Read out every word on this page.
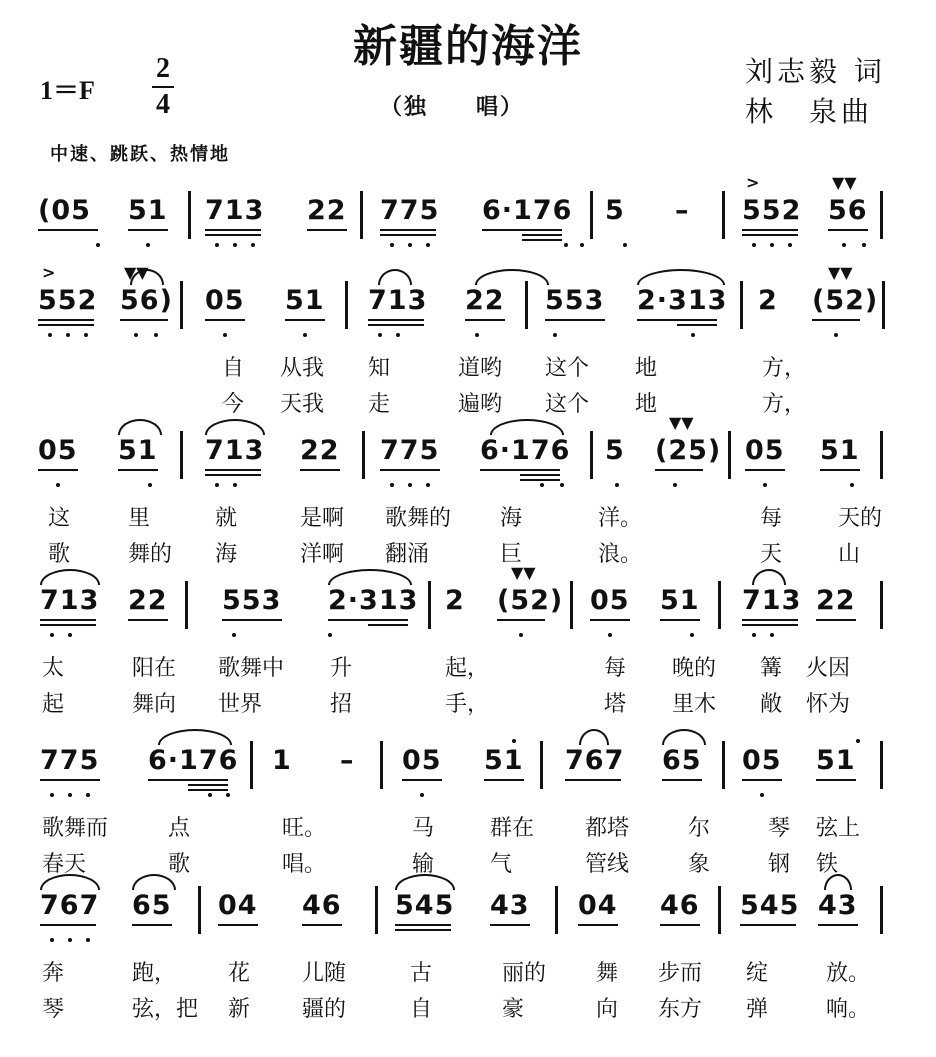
新疆的海洋
1＝F
2
4	（独　　唱）
刘志毅 词
林　泉曲
中速、跳跃、热情地
(05 51 713 22 775 6·176 5 – 552
>
56
▼▼
552
>
56)
▼▼
05 51 713 22 553 2·313 2 (52)
▼▼
自 从我 知	道哟 这个 地	方，
今 天我 走	遍哟 这个 地	方，
05 51 713 22 775 6·176 5 (25)
▼▼
05 51
这	里	就	是啊 歌舞的 海	洋。	每	天的
歌	舞的 海	洋啊 翻涌	巨	浪。	天	山
713 22 553 2·313 2 (52)
▼▼
05 51 713 22
太	阳在 歌舞中 升	起，	每 晚的 篝 火因
起	舞向 世界	招	手，	塔 里木 敞 怀为
775 6·176 1 – 05 51 767 65 05 51
歌舞而	点	旺。	马	群在 都塔	尔	琴 弦上
春天	歌	唱。	输	气	管线	象	钢 铁
767 65 04 46 545 43 04 46 545 43
奔	跑， 花 儿随	古	丽的 舞 步而 绽	放。
琴	弦，把 新 疆的	自	豪	向 东方 弹	响。
